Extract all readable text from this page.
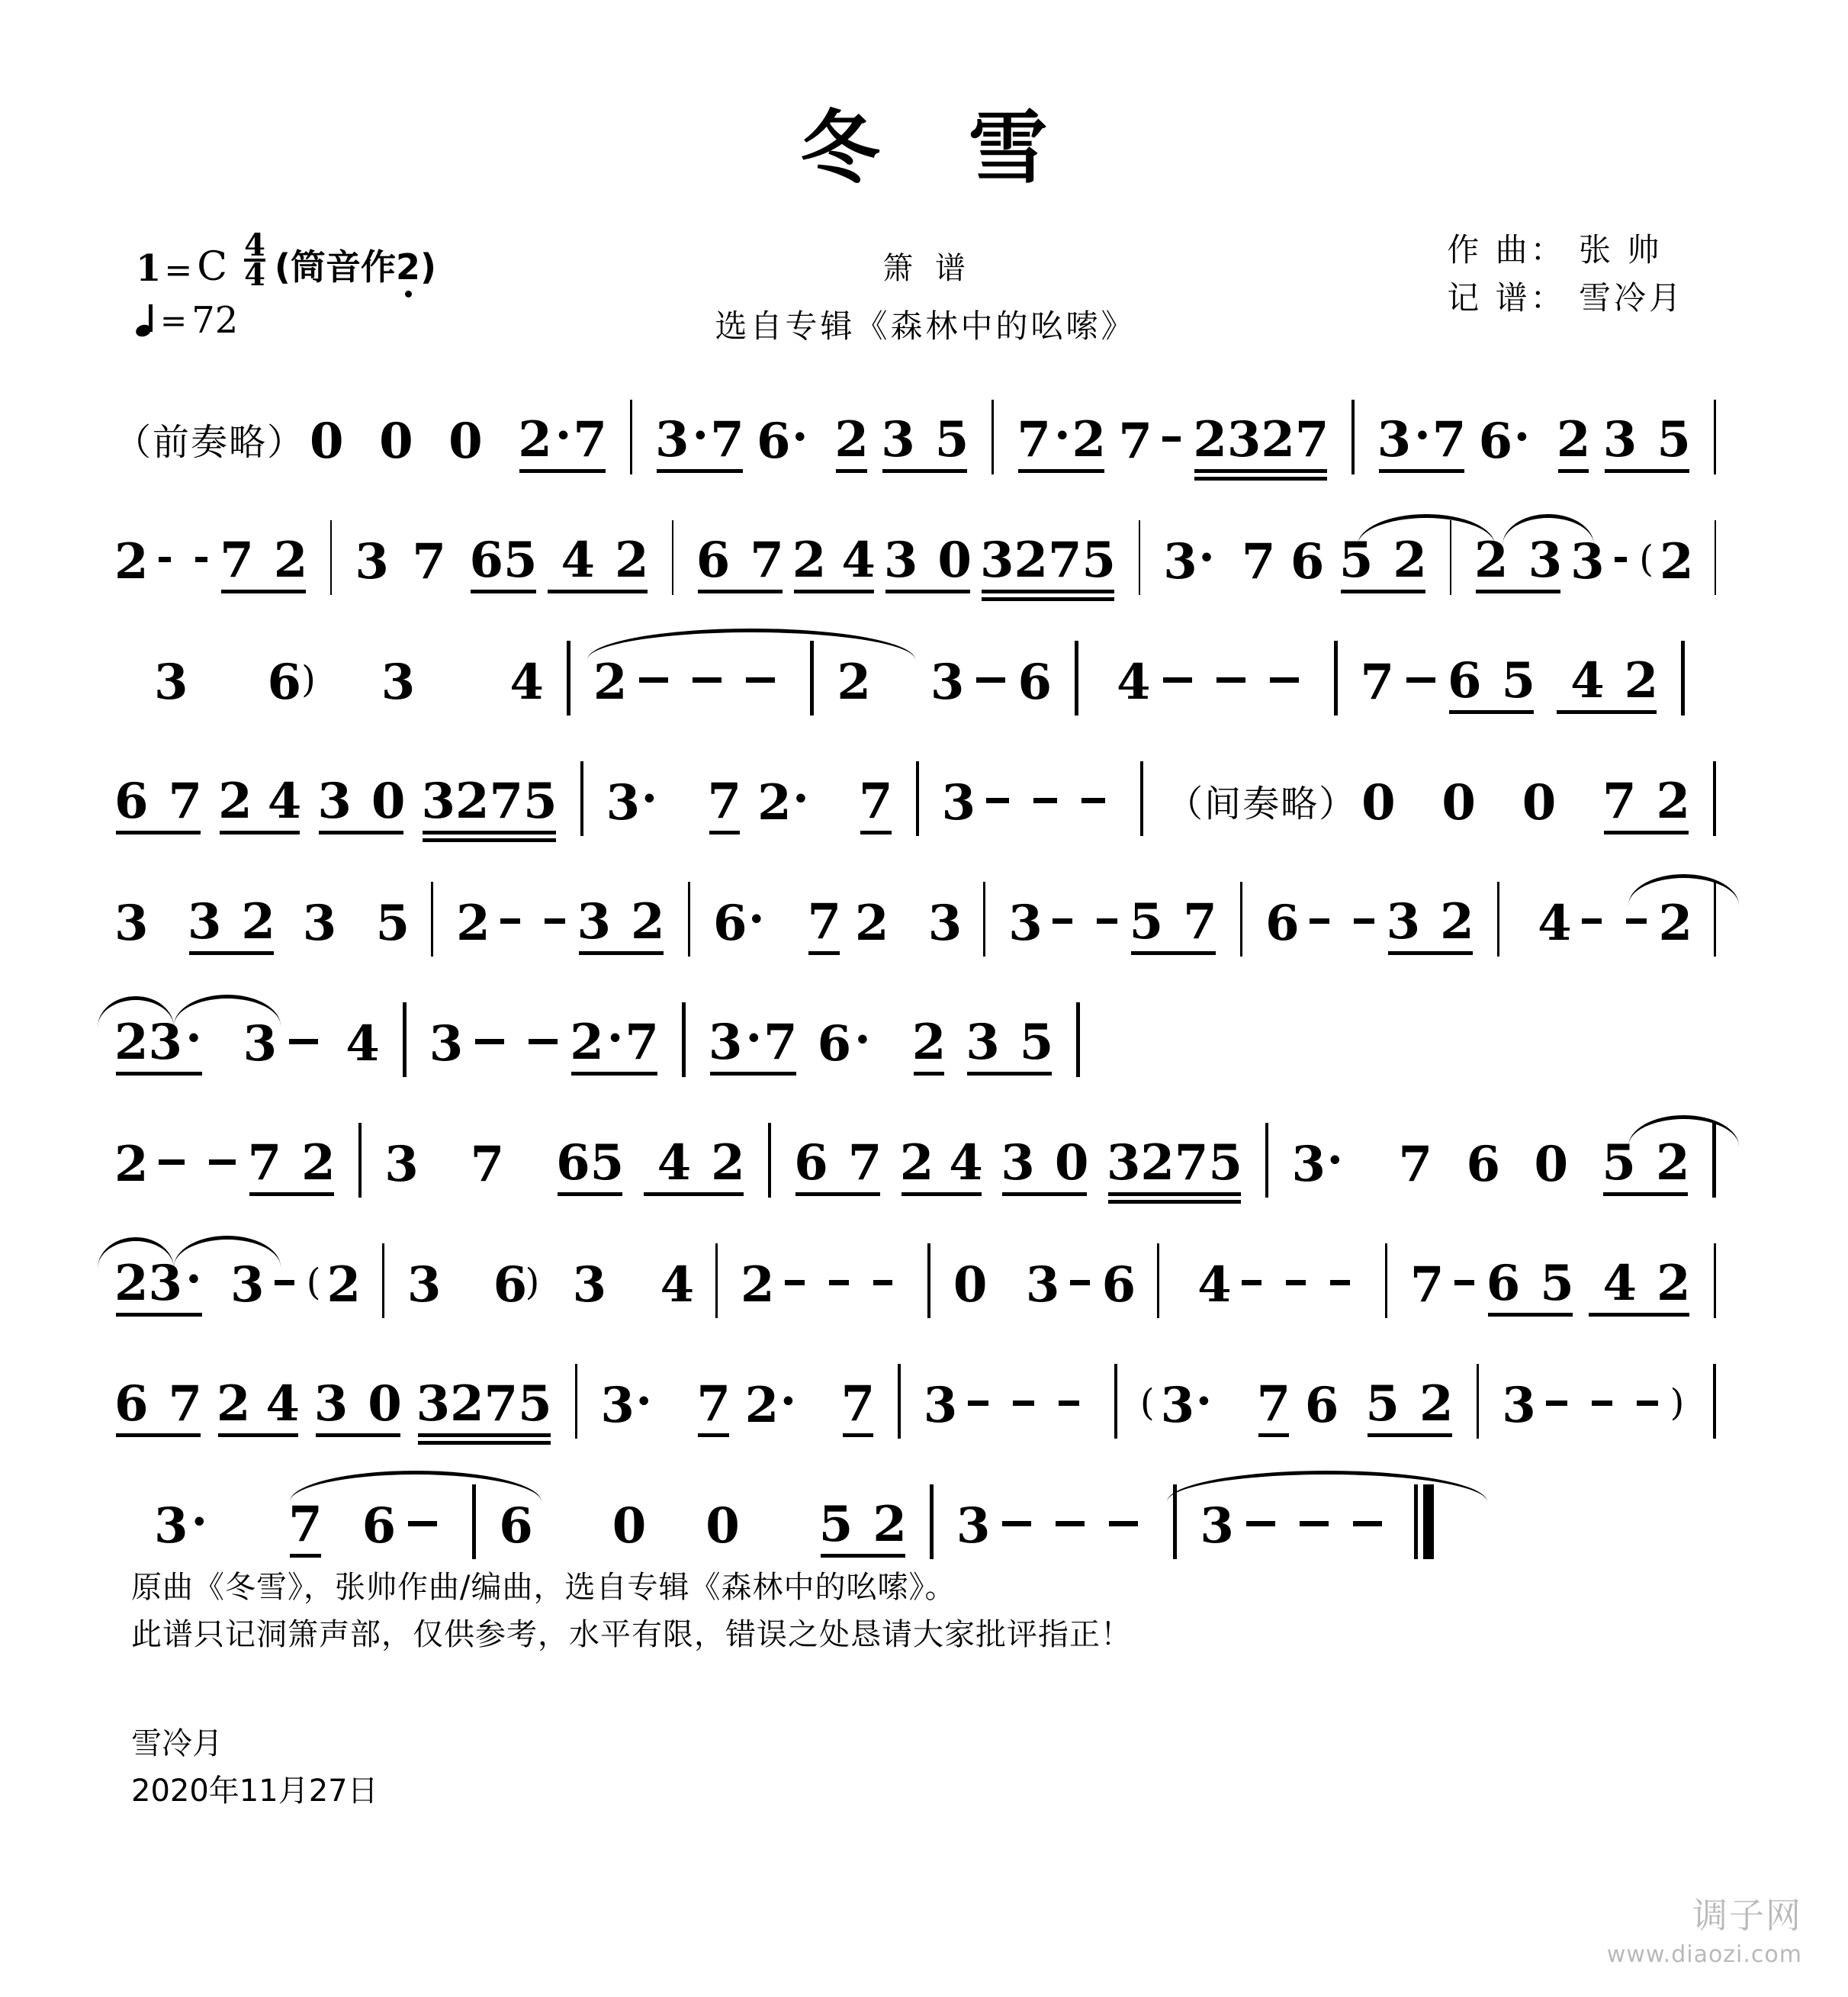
冬 雪
箫 谱
选自专辑《森林中的吆嗦》
1 = C $\frac{4}{4}$ (筒音作2)
= 72
作 曲： 张 帅
记 谱： 雪冷月
（前奏略） 0 0 0 2·7 3·7 6 · 2 3 5 7·2 7 2327 3·7 6 · 2 3 5
2 7 2 3 7 65 4 2 6 7 2 4 3 0 3275 3 · 7 6 5 2 2 3 3 ( 2
3 6 ) 3 4 2	2 3 6 4	7 6 5 4 2
6 7 2 4 3 0 3275 3 · 7 2 · 7 3	（间奏略） 0 0 0 7 2
3 3 2 3 5 2 3 2 6 · 7 2 3 3 5 7 6 3 2 4 2
23· 3 4 3 2·7 3·7 6 · 2 3 5
2 7 2 3 7 65 4 2 6 7 2 4 3 0 3275 3 · 7 6 0 5 2
23· 3 ( 2 3 6
) 3 4 2	0 3 6 4	7 6 5 4 2
6 7 2 4 3 0 3275 3 · 7 2 · 7 3	( 3 · 7 6 5 2 3	)
3 · 7 6 6 0 0 5 2 3	3
原曲《冬雪》，张帅作曲/编曲，选自专辑《森林中的吆嗦》。
此谱只记洞箫声部，仅供参考，水平有限，错误之处恳请大家批评指正！
雪冷月
2020年11月27日
调子网
www.diaozi.com
